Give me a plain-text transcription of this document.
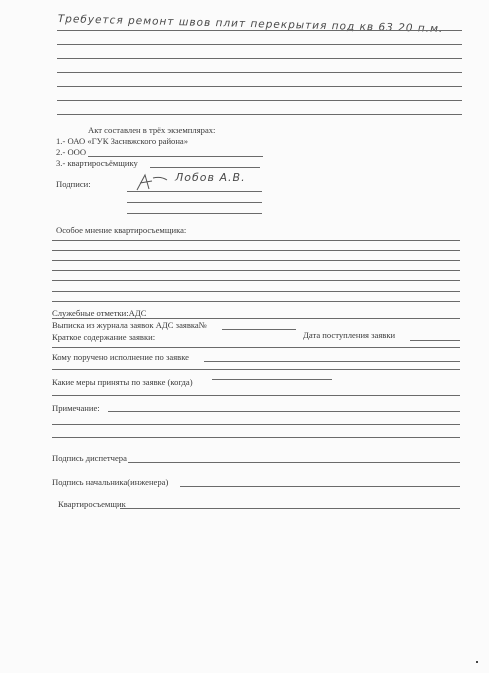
Требуется ремонт швов плит перекрытия под кв 63 20 п.м.
Акт составлен в трёх экземплярах:
1.- ОАО «ГУК Заснвжского района»
2.- ООО
3.- квартиросъёмщику
Подписи:	Лобов А.В.
Особое мнение квартиросъемщика:
Служебные отметки:АДС
Выписка из журнала заявок АДС заявка№
Дата поступления заявки
Краткое содержание заявки:
Кому поручено исполнение по заявке
Какие меры приняты по заявке (когда)
Примечание:
Подпись диспетчера
Подпись начальника(инженера)
Квартиросъемщик
